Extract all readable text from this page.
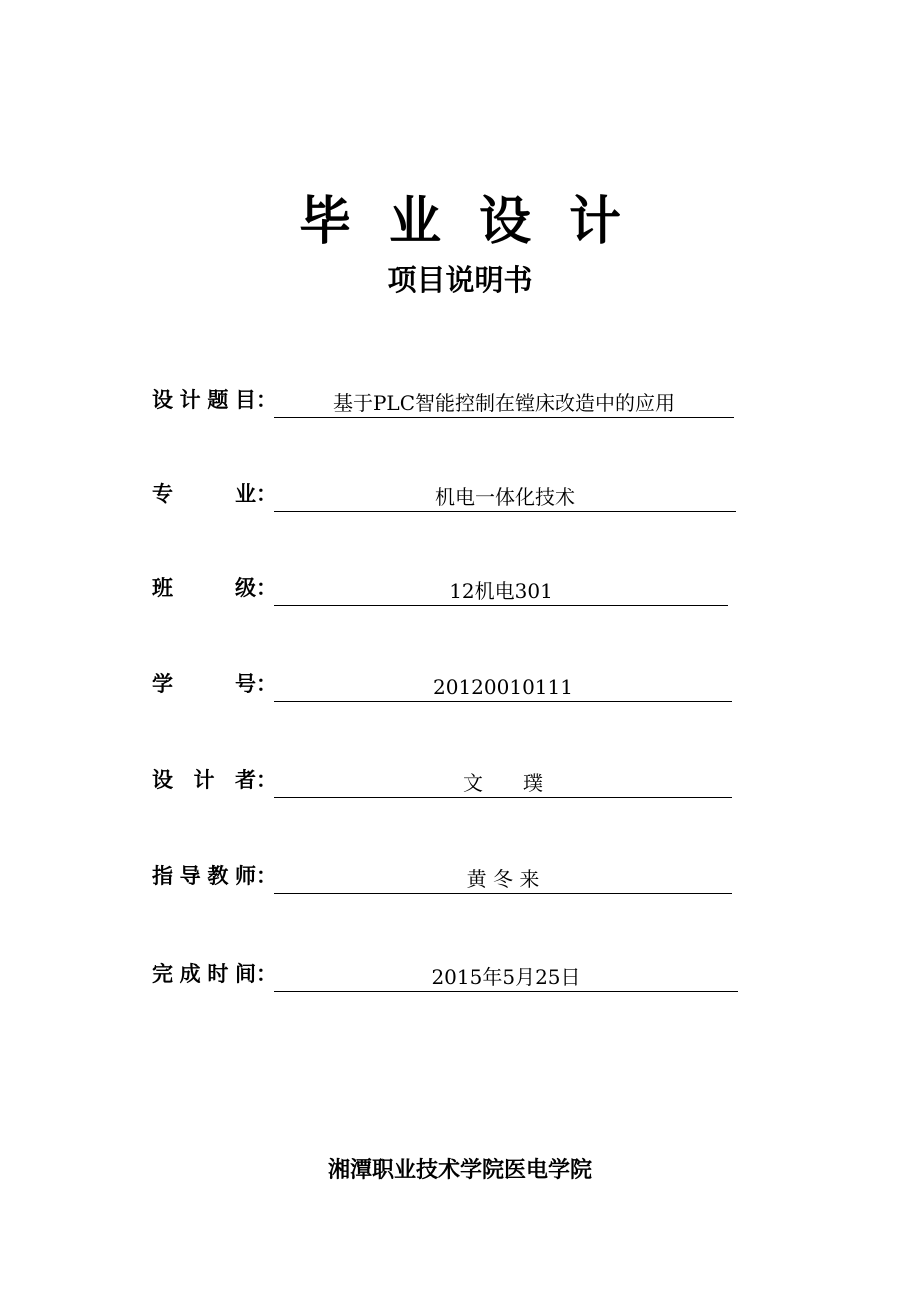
毕业设计
项目说明书
设计题目：	基于PLC智能控制在镗床改造中的应用
专业：	机电一体化技术
班级：	12机电301
学号：	20120010111
设计者：	文　　璞
指导教师：	黄 冬 来
完成时间：	2015年5月25日
湘潭职业技术学院医电学院
